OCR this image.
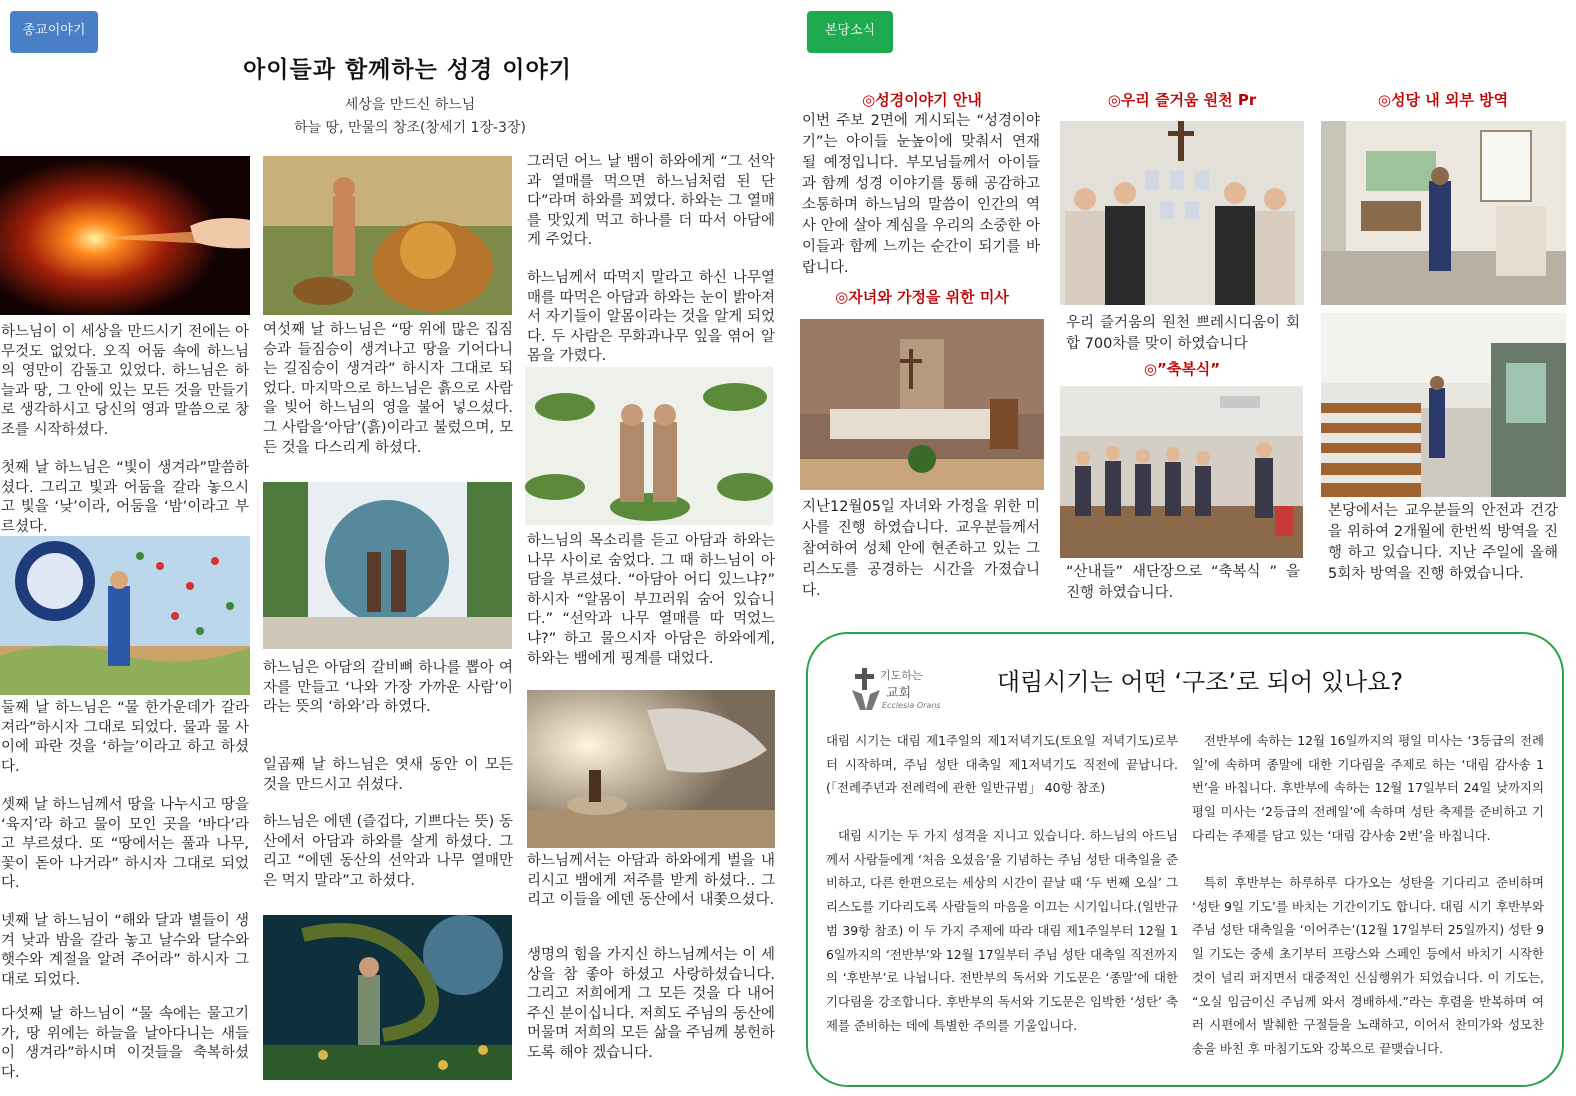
종교이야기
아이들과 함께하는 성경 이야기
세상을 만드신 하느님
하늘 땅, 만물의 창조(창세기 1장-3장)
하느님이 이 세상을 만드시기 전에는 아무것도 없었다. 오직 어둠 속에 하느님의 영만이 감돌고 있었다. 하느님은 하늘과 땅, 그 안에 있는 모든 것을 만들기로 생각하시고 당신의 영과 말씀으로 창조를 시작하셨다.
첫째 날 하느님은 “빛이 생겨라”말씀하셨다. 그리고 빛과 어둠을 갈라 놓으시고 빛을 ‘낮’이라, 어둠을 ‘밤’이라고 부르셨다.
둘째 날 하느님은 “물 한가운데가 갈라져라”하시자 그대로 되었다. 물과 물 사이에 파란 것을 ‘하늘’이라고 하고 하셨다.
셋째 날 하느님께서 땅을 나누시고 땅을 ‘육지’라 하고 물이 모인 곳을 ‘바다’라고 부르셨다. 또 “땅에서는 풀과 나무, 꽃이 돋아 나거라” 하시자 그대로 되었다.
넷째 날 하느님이 “해와 달과 별들이 생겨 낮과 밤을 갈라 놓고 날수와 달수와 햇수와 계절을 알려 주어라” 하시자 그대로 되었다.
다섯째 날 하느님이 “물 속에는 물고기가, 땅 위에는 하늘을 날아다니는 새들이 생겨라”하시며 이것들을 축복하셨다.
여섯째 날 하느님은 “땅 위에 많은 집짐승과 들짐승이 생겨나고 땅을 기어다니는 길짐승이 생겨라” 하시자 그대로 되었다. 마지막으로 하느님은 흙으로 사람을 빚어 하느님의 영을 불어 넣으셨다. 그 사람을‘아담’(흙)이라고 불렀으며, 모든 것을 다스리게 하셨다.
하느님은 아담의 갈비뼈 하나를 뽑아 여자를 만들고 ‘나와 가장 가까운 사람’이라는 뜻의 ‘하와’라 하였다.
일곱째 날 하느님은 엿새 동안 이 모든 것을 만드시고 쉬셨다.
하느님은 에덴 (즐겁다, 기쁘다는 뜻) 동산에서 아담과 하와를 살게 하셨다. 그리고 “에덴 동산의 선악과 나무 열매만은 먹지 말라”고 하셨다.
그러던 어느 날 뱀이 하와에게 “그 선악과 열매를 먹으면 하느님처럼 된 단다”라며 하와를 꾀였다. 하와는 그 열매를 맛있게 먹고 하나를 더 따서 아담에게 주었다.
하느님께서 따먹지 말라고 하신 나무열매를 따먹은 아담과 하와는 눈이 밝아져서 자기들이 알몸이라는 것을 알게 되었다. 두 사람은 무화과나무 잎을 엮어 알몸을 가렸다.
하느님의 목소리를 듣고 아담과 하와는 나무 사이로 숨었다. 그 때 하느님이 아담을 부르셨다. “아담아 어디 있느냐?” 하시자 “알몸이 부끄러워 숨어 있습니다.” “선악과 나무 열매를 따 먹었느냐?” 하고 물으시자 아담은 하와에게, 하와는 뱀에게 핑계를 대었다.
하느님께서는 아담과 하와에게 벌을 내리시고 뱀에게 저주를 받게 하셨다.. 그리고 이들을 에덴 동산에서 내쫓으셨다.
생명의 힘을 가지신 하느님께서는 이 세상을 참 좋아 하셨고 사랑하셨습니다. 그리고 저희에게 그 모든 것을 다 내어 주신 분이십니다. 저희도 주님의 동산에 머물며 저희의 모든 삶을 주님께 봉헌하도록 해야 겠습니다.
본당소식
◎성경이야기 안내
이번 주보 2면에 게시되는 “성경이야기”는 아이들 눈높이에 맞춰서 연재 될 예정입니다. 부모님들께서 아이들과 함께 성경 이야기를 통해 공감하고 소통하며 하느님의 말씀이 인간의 역사 안에 살아 계심을 우리의 소중한 아이들과 함께 느끼는 순간이 되기를 바랍니다.
◎자녀와 가정을 위한 미사
지난12월05일 자녀와 가정을 위한 미사를 진행 하였습니다. 교우분들께서 참여하여 성체 안에 현존하고 있는 그리스도를 공경하는 시간을 가졌습니다.
◎우리 즐거움 원천 Pr
우리 즐거움의 원천 쁘레시디움이 회합 700차를 맞이 하였습니다
◎”축복식”
“산내들” 새단장으로 “축복식 ” 을 진행 하였습니다.
◎성당 내 외부 방역
본당에서는 교우분들의 안전과 건강을 위하여 2개월에 한번씩 방역을 진행 하고 있습니다. 지난 주일에 올해 5회차 방역을 진행 하였습니다.
기도하는
교회
Ecclesia Orans
대림시기는 어떤 ‘구조’로 되어 있나요?
대림 시기는 대림 제1주일의 제1저녁기도(토요일 저녁기도)로부터 시작하며, 주님 성탄 대축일 제1저녁기도 직전에 끝납니다.(「전례주년과 전례력에 관한 일반규범」 40항 참조)
대림 시기는 두 가지 성격을 지니고 있습니다. 하느님의 아드님께서 사람들에게 ‘처음 오셨음’을 기념하는 주님 성탄 대축일을 준비하고, 다른 한편으로는 세상의 시간이 끝날 때 ‘두 번째 오실’ 그리스도를 기다리도록 사람들의 마음을 이끄는 시기입니다.(일반규범 39항 참조) 이 두 가지 주제에 따라 대림 제1주일부터 12월 16일까지의 ‘전반부’와 12월 17일부터 주님 성탄 대축일 직전까지의 ‘후반부’로 나뉩니다. 전반부의 독서와 기도문은 ‘종말’에 대한 기다림을 강조합니다. 후반부의 독서와 기도문은 임박한 ‘성탄’ 축제를 준비하는 데에 특별한 주의를 기울입니다.
전반부에 속하는 12월 16일까지의 평일 미사는 ‘3등급의 전례일’에 속하며 종말에 대한 기다림을 주제로 하는 ‘대림 감사송 1번’을 바칩니다. 후반부에 속하는 12월 17일부터 24일 낮까지의 평일 미사는 ‘2등급의 전례일’에 속하며 성탄 축제를 준비하고 기다리는 주제를 담고 있는 ‘대림 감사송 2번’을 바칩니다.
특히 후반부는 하루하루 다가오는 성탄을 기다리고 준비하며 ‘성탄 9일 기도’를 바치는 기간이기도 합니다. 대림 시기 후반부와 주님 성탄 대축일을 ‘이어주는’(12월 17일부터 25일까지) 성탄 9일 기도는 중세 초기부터 프랑스와 스페인 등에서 바치기 시작한 것이 널리 퍼지면서 대중적인 신심행위가 되었습니다. 이 기도는, “오실 임금이신 주님께 와서 경배하세.”라는 후렴을 반복하며 여러 시편에서 발췌한 구절들을 노래하고, 이어서 찬미가와 성모찬송을 바친 후 마침기도와 강복으로 끝맺습니다.
